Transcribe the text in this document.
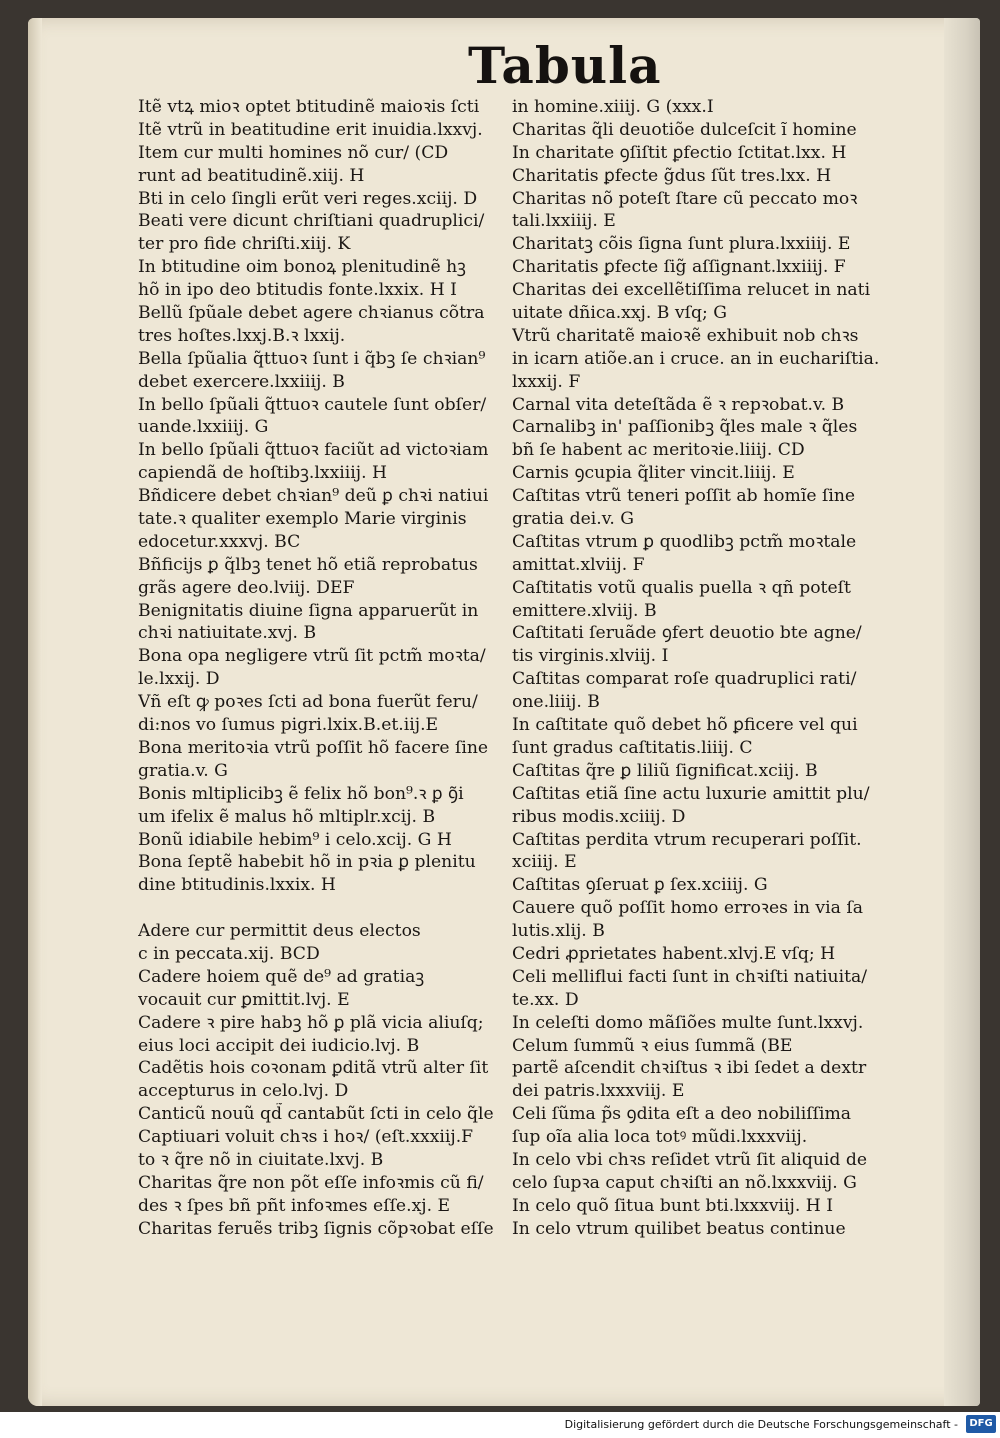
Tabula
Itẽ vtꝝ mioꝛ optet btitudinẽ maioꝛis ſcti
Itẽ vtrũ in beatitudine erit inuidia.lxxvj.
Item cur multi homines nõ cur/ (CD
runt ad beatitudinẽ.xiij. H
Bti in celo ſingli erũt veri reges.xciij. D
Beati vere dicunt chriſtiani quadruplici/
ter pro fide chriſti.xiij. K
In btitudine oim bonoꝝ plenitudinẽ hꝫ
hõ in ipo deo btitudis fonte.lxxix. H I
Bellũ ſpũale debet agere chꝛianus cõtra
tres hoſtes.lxxj.B.ꝛ lxxij.
Bella ſpũalia q̃ttuoꝛ ſunt i q̃bꝫ ſe chꝛian⁹
debet exercere.lxxiiij. B
In bello ſpũali q̃ttuoꝛ cautele ſunt obſer/
uande.lxxiiij. G
In bello ſpũali q̃ttuoꝛ faciũt ad victoꝛiam
capiendã de hoſtibꝫ.lxxiiij. H
Bñdicere debet chꝛian⁹ deũ ꝑ chꝛi natiui
tate.ꝛ qualiter exemplo Marie virginis
edocetur.xxxvj. BC
Bñficijs ꝑ q̃lbꝫ tenet hõ etiã reprobatus
grãs agere deo.lviij. DEF
Benignitatis diuine ſigna apparuerũt in
chꝛi natiuitate.xvj. B
Bona opa negligere vtrũ ſit pctm̃ moꝛta/
le.lxxij. D
Vñ eſt ꝙ poꝛes ſcti ad bona fuerũt feru/
di:nos vo ſumus pigri.lxix.B.et.iij.E
Bona meritoꝛia vtrũ poſſit hõ facere ſine
gratia.v. G
Bonis mltiplicibꝫ ẽ felix hõ bon⁹.ꝛ ꝑ ꝯ͂i
um ifelix ẽ malus hõ mltiplr.xcij. B
Bonũ idiabile hebim⁹ i celo.xcij. G H
Bona ſeptẽ habebit hõ in pꝛia ꝑ plenitu
dine btitudinis.lxxix. H
Adere cur permittit deus electos
c in peccata.xij. BCD
Cadere hoiem quẽ de⁹ ad gratiaꝫ
vocauit cur ꝑmittit.lvj. E
Cadere ꝛ pire habꝫ hõ ꝑ plã vicia aliuſq;
eius loci accipit dei iudicio.lvj. B
Cadẽtis hois coꝛonam ꝑditã vtrũ alter ſit
accepturus in celo.lvj. D
Canticũ nouũ qd̃ cantabũt ſcti in celo q̃le
Captiuari voluit chꝛs i hoꝛ/ (eſt.xxxiij.F
to ꝛ q̃re nõ in ciuitate.lxvj. B
Charitas q̃re non põt eſſe infoꝛmis cũ fi/
des ꝛ ſpes bñ pñt infoꝛmes eſſe.xj. E
Charitas feruẽs tribꝫ ſignis cõpꝛobat eſſe
in homine.xiiij. G (xxx.I
Charitas q̃li deuotiõe dulceſcit ĩ homine
In charitate ꝯſiſtit ꝑfectio ſctitat.lxx. H
Charitatis ꝑfecte g̃dus ſũt tres.lxx. H
Charitas nõ poteſt ſtare cũ peccato moꝛ
tali.lxxiiij. E
Charitatꝫ cõis ſigna ſunt plura.lxxiiij. E
Charitatis ꝑfecte ſig̃ aſſignant.lxxiiij. F
Charitas dei excellẽtiſſima relucet in nati
uitate dñica.xxj. B vſq; G
Vtrũ charitatẽ maioꝛẽ exhibuit nob chꝛs
in icarn atiõe.an i cruce. an in euchariſtia.
lxxxij. F
Carnal vita deteſtãda ẽ ꝛ repꝛobat.v. B
Carnalibꝫ in' paſſionibꝫ q̃les male ꝛ q̃les
bñ ſe habent ac meritoꝛie.liiij. CD
Carnis ꝯcupia q̃liter vincit.liiij. E
Caſtitas vtrũ teneri poſſit ab homĩe ſine
gratia dei.v. G
Caſtitas vtrum ꝑ quodlibꝫ pctm̃ moꝛtale
amittat.xlviij. F
Caſtitatis votũ qualis puella ꝛ qñ poteſt
emittere.xlviij. B
Caſtitati ſeruãde ꝯfert deuotio bte agne/
tis virginis.xlviij. I
Caſtitas comparat roſe quadruplici rati/
one.liiij. B
In caſtitate quõ debet hõ ꝑficere vel qui
ſunt gradus caſtitatis.liiij. C
Caſtitas q̃re ꝑ liliũ ſignificat.xciij. B
Caſtitas etiã ſine actu luxurie amittit plu/
ribus modis.xciiij. D
Caſtitas perdita vtrum recuperari poſſit.
xciiij. E
Caſtitas ꝯſeruat ꝑ ſex.xciiij. G
Cauere quõ poſſit homo erroꝛes in via ſa
lutis.xlij. B
Cedri ꝓprietates habent.xlvj.E vſq; H
Celi melliflui facti ſunt in chꝛiſti natiuita/
te.xx. D
In celeſti domo mãſiões multe ſunt.lxxvj.
Celum ſummũ ꝛ eius ſummã (BE
partẽ aſcendit chꝛiſtus ꝛ ibi ſedet a dextr
dei patris.lxxxviij. E
Celi ſũma p̃s ꝯdita eſt a deo nobiliſſima
ſup oĩa alia loca totꝰ mũdi.lxxxviij.
In celo vbi chꝛs reſidet vtrũ ſit aliquid de
celo ſupꝛa caput chꝛiſti an nõ.lxxxviij. G
In celo quõ ſitua bunt bti.lxxxviij. H I
In celo vtrum quilibet beatus continue
Digitalisierung gefördert durch die Deutsche Forschungsgemeinschaft -	DFG
